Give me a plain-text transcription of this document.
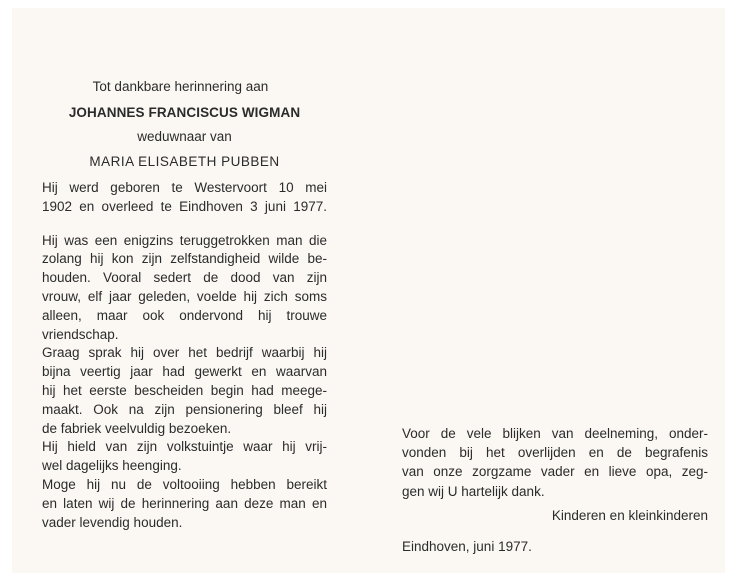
Tot dankbare herinnering aan
JOHANNES FRANCISCUS WIGMAN
weduwnaar van
MARIA ELISABETH PUBBEN
Hij werd geboren te Westervoort 10 mei
1902 en overleed te Eindhoven 3 juni 1977.
Hij was een enigzins teruggetrokken man die
zolang hij kon zijn zelfstandigheid wilde be-
houden. Vooral sedert de dood van zijn
vrouw, elf jaar geleden, voelde hij zich soms
alleen, maar ook ondervond hij trouwe
vriendschap.
Graag sprak hij over het bedrijf waarbij hij
bijna veertig jaar had gewerkt en waarvan
hij het eerste bescheiden begin had meege-
maakt. Ook na zijn pensionering bleef hij
de fabriek veelvuldig bezoeken.
Hij hield van zijn volkstuintje waar hij vrij-
wel dagelijks heenging.
Moge hij nu de voltooiing hebben bereikt
en laten wij de herinnering aan deze man en
vader levendig houden.
Voor de vele blijken van deelneming, onder-
vonden bij het overlijden en de begrafenis
van onze zorgzame vader en lieve opa, zeg-
gen wij U hartelijk dank.
Kinderen en kleinkinderen
Eindhoven, juni 1977.
